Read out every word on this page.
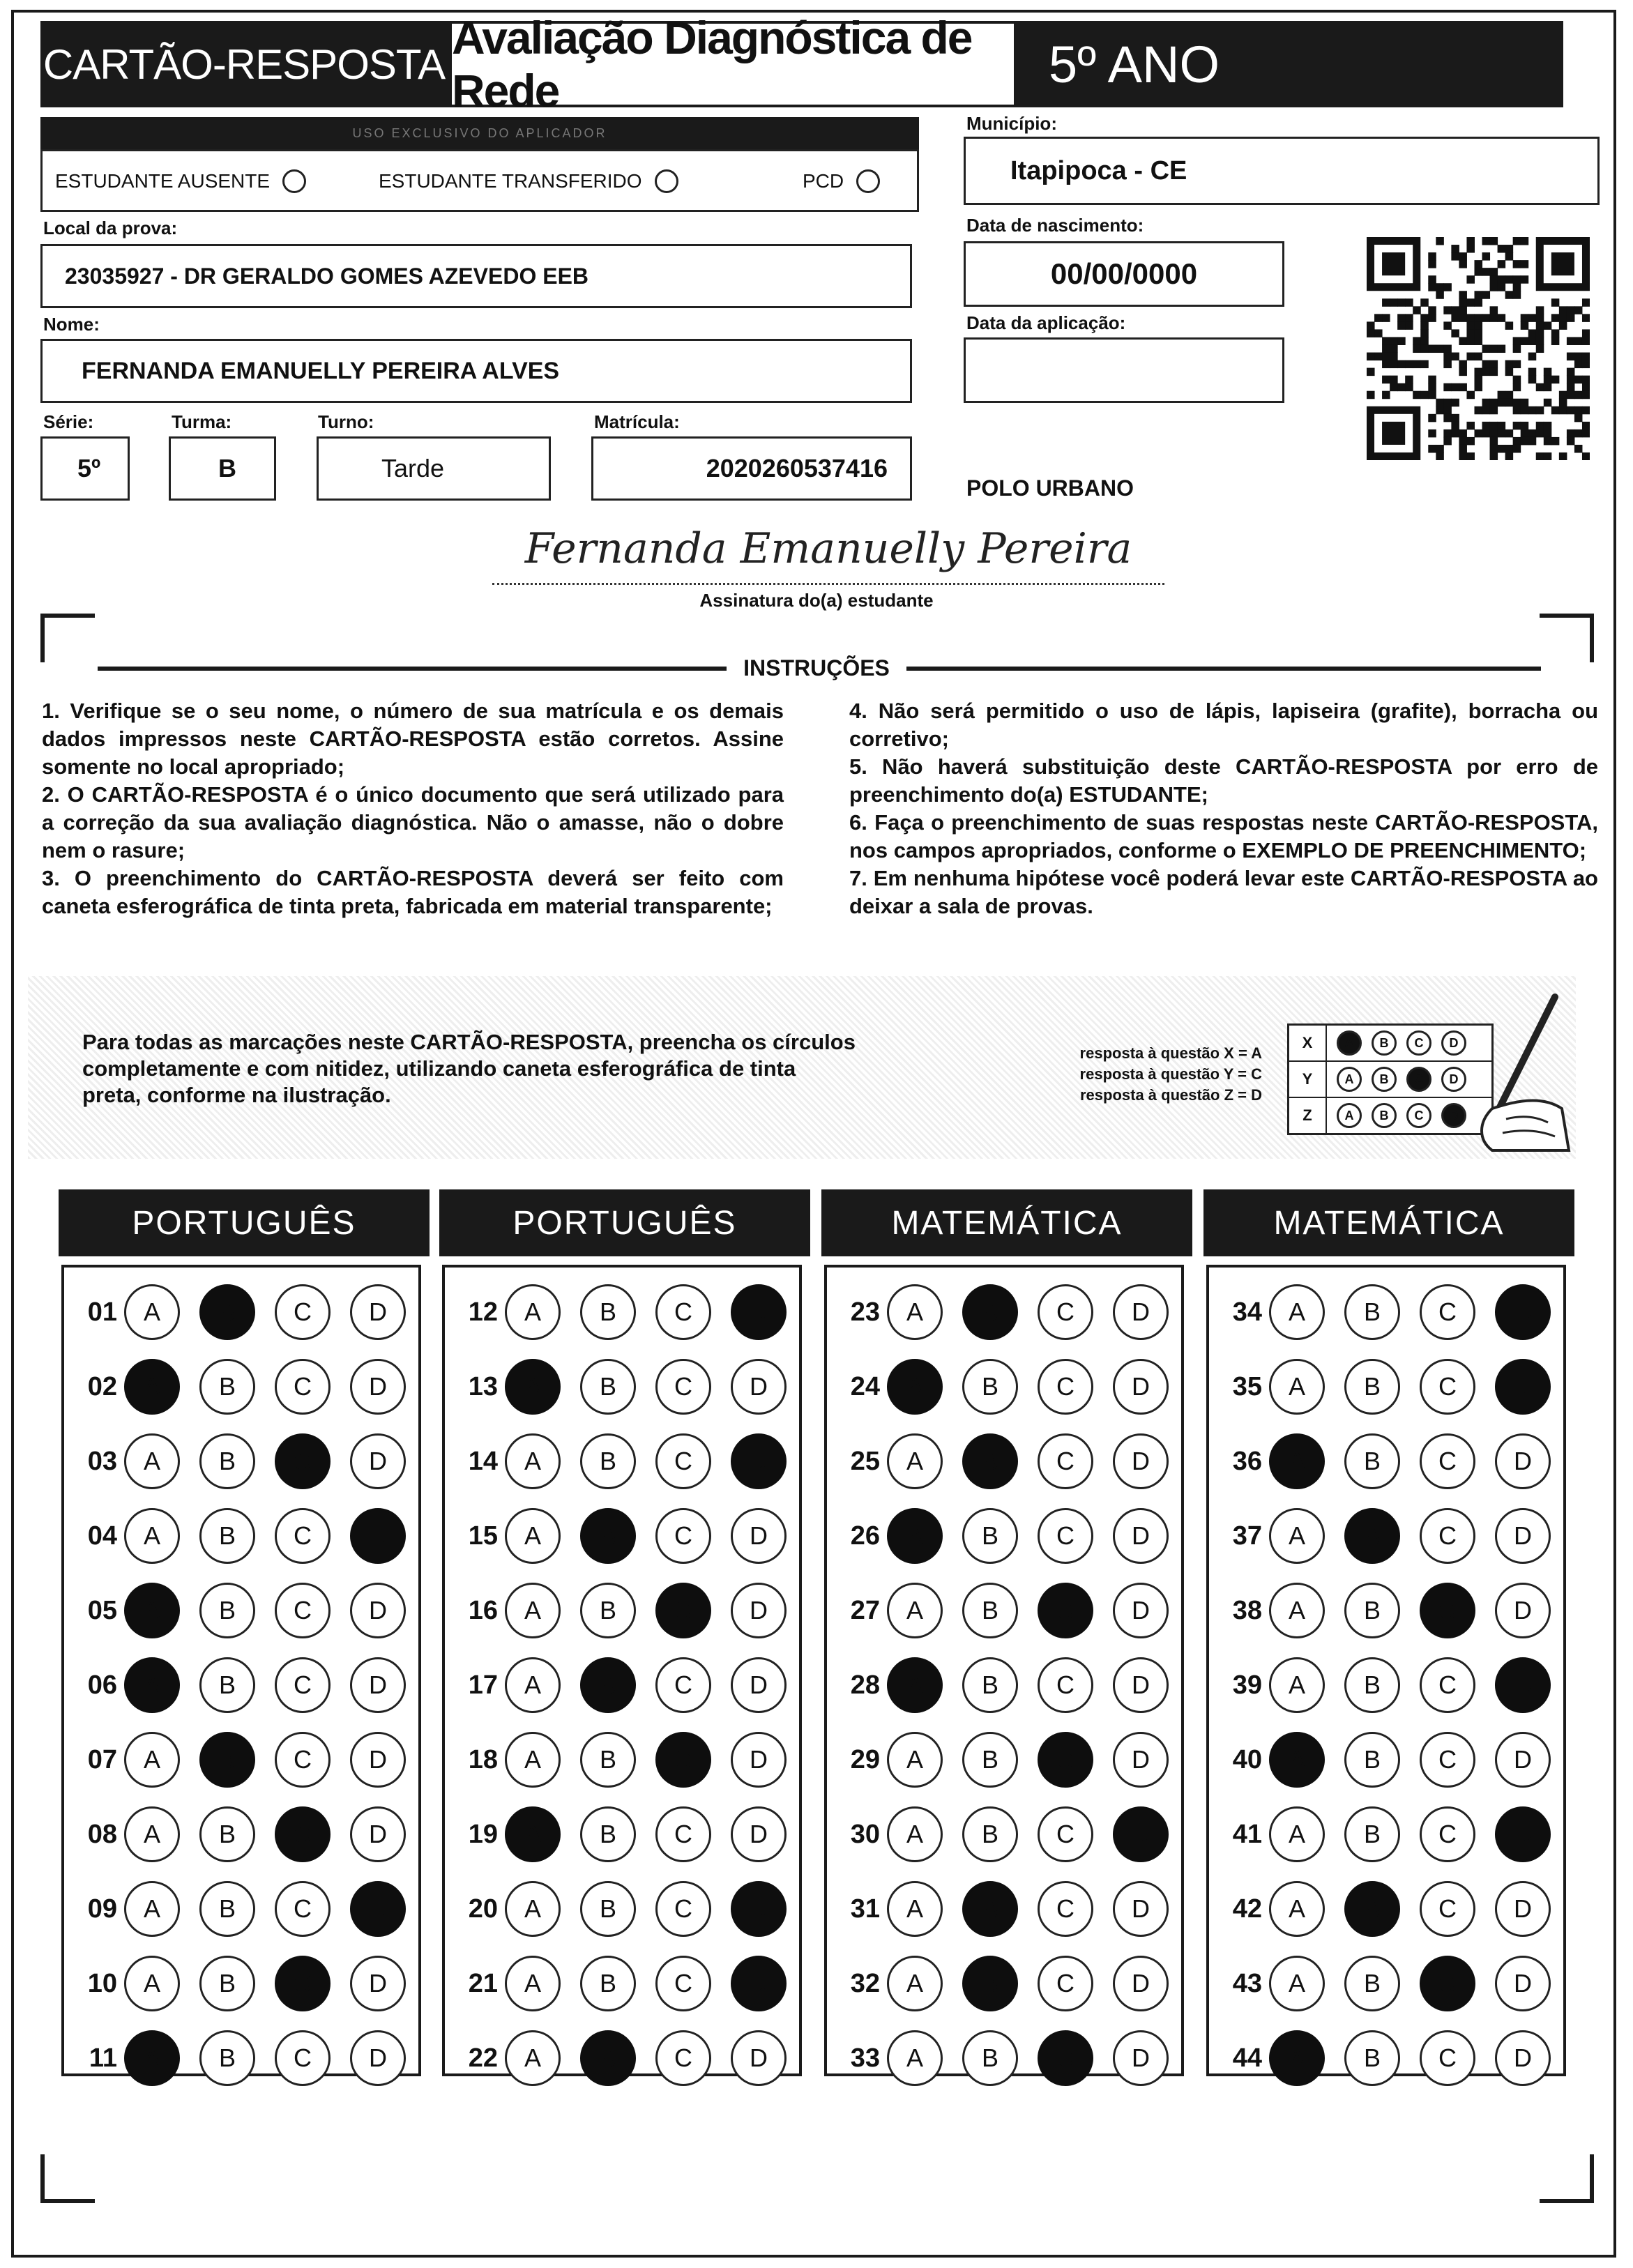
CARTÃO-RESPOSTA
Avaliação Diagnóstica de Rede	5º ANO
USO EXCLUSIVO DO APLICADOR
ESTUDANTE AUSENTE	ESTUDANTE TRANSFERIDO	PCD
Local da prova:
23035927 - DR GERALDO GOMES AZEVEDO EEB
Nome:
FERNANDA EMANUELLY PEREIRA ALVES
Série:
5º
Turma:
B
Turno:
Tarde
Matrícula:
2020260537416
Município:
Itapipoca - CE
Data de nascimento:
00/00/0000
Data da aplicação:
POLO URBANO
Fernanda Emanuelly Pereira
Assinatura do(a) estudante
INSTRUÇÕES

1. Verifique se o seu nome, o número de sua matrícula e os demais dados impressos neste CARTÃO-RESPOSTA estão corretos. Assine somente no local apropriado;

2. O CARTÃO-RESPOSTA é o único documento que será utilizado para a correção da sua avaliação diagnóstica. Não o amasse, não o dobre nem o rasure;

3. O preenchimento do CARTÃO-RESPOSTA deverá ser feito com caneta esferográfica de tinta preta, fabricada em material transparente;

4. Não será permitido o uso de lápis, lapiseira (grafite), borracha ou corretivo;

5. Não haverá substituição deste CARTÃO-RESPOSTA por erro de preenchimento do(a) ESTUDANTE;

6. Faça o preenchimento de suas respostas neste CARTÃO-RESPOSTA, nos campos apropriados, conforme o EXEMPLO DE PREENCHIMENTO;

7. Em nenhuma hipótese você poderá levar este CARTÃO-RESPOSTA ao deixar a sala de provas.

Para todas as marcações neste CARTÃO-RESPOSTA, preencha os círculos completamente e com nitidez, utilizando caneta esferográfica de tinta preta, conforme na ilustração.
resposta à questão X = A
resposta à questão Y = C
resposta à questão Z = D
X	A	B	C	D
Y	A	B	C	D
Z	A	B	C	D
PORTUGUÊS
01	A	B	C	D
02	A	B	C	D
03	A	B	C	D
04	A	B	C	D
05	A	B	C	D
06	A	B	C	D
07	A	B	C	D
08	A	B	C	D
09	A	B	C	D
10	A	B	C	D
11	A	B	C	D
PORTUGUÊS
12	A	B	C	D
13	A	B	C	D
14	A	B	C	D
15	A	B	C	D
16	A	B	C	D
17	A	B	C	D
18	A	B	C	D
19	A	B	C	D
20	A	B	C	D
21	A	B	C	D
22	A	B	C	D
MATEMÁTICA
23	A	B	C	D
24	A	B	C	D
25	A	B	C	D
26	A	B	C	D
27	A	B	C	D
28	A	B	C	D
29	A	B	C	D
30	A	B	C	D
31	A	B	C	D
32	A	B	C	D
33	A	B	C	D
MATEMÁTICA
34	A	B	C	D
35	A	B	C	D
36	A	B	C	D
37	A	B	C	D
38	A	B	C	D
39	A	B	C	D
40	A	B	C	D
41	A	B	C	D
42	A	B	C	D
43	A	B	C	D
44	A	B	C	D
